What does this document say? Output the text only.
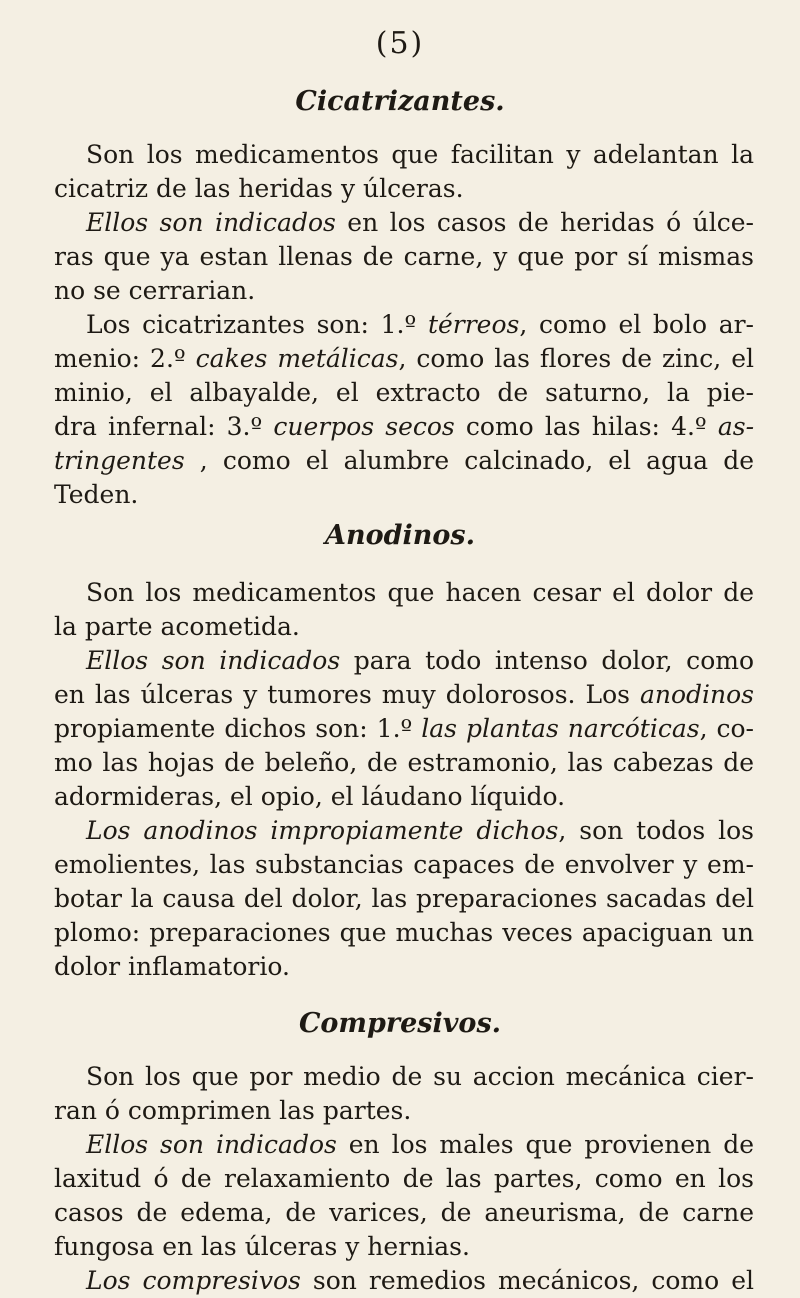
(5)
Cicatrizantes.
Son los medicamentos que facilitan y adelantan la
cicatriz de las heridas y úlceras.
Ellos son indicados en los casos de heridas ó úlce-
ras que ya estan llenas de carne, y que por sí mismas
no se cerrarian.
Los cicatrizantes son: 1.º térreos, como el bolo ar-
menio: 2.º cakes metálicas, como las flores de zinc, el
minio, el albayalde, el extracto de saturno, la pie-
dra infernal: 3.º cuerpos secos como las hilas: 4.º as-
tringentes , como el alumbre calcinado, el agua de
Teden.
Anodinos.
Son los medicamentos que hacen cesar el dolor de
la parte acometida.
Ellos son indicados para todo intenso dolor, como
en las úlceras y tumores muy dolorosos. Los anodinos
propiamente dichos son: 1.º las plantas narcóticas, co-
mo las hojas de beleño, de estramonio, las cabezas de
adormideras, el opio, el láudano líquido.
Los anodinos impropiamente dichos, son todos los
emolientes, las substancias capaces de envolver y em-
botar la causa del dolor, las preparaciones sacadas del
plomo: preparaciones que muchas veces apaciguan un
dolor inflamatorio.
Compresivos.
Son los que por medio de su accion mecánica cier-
ran ó comprimen las partes.
Ellos son indicados en los males que provienen de
laxitud ó de relaxamiento de las partes, como en los
casos de edema, de varices, de aneurisma, de carne
fungosa en las úlceras y hernias.
Los compresivos son remedios mecánicos, como el
